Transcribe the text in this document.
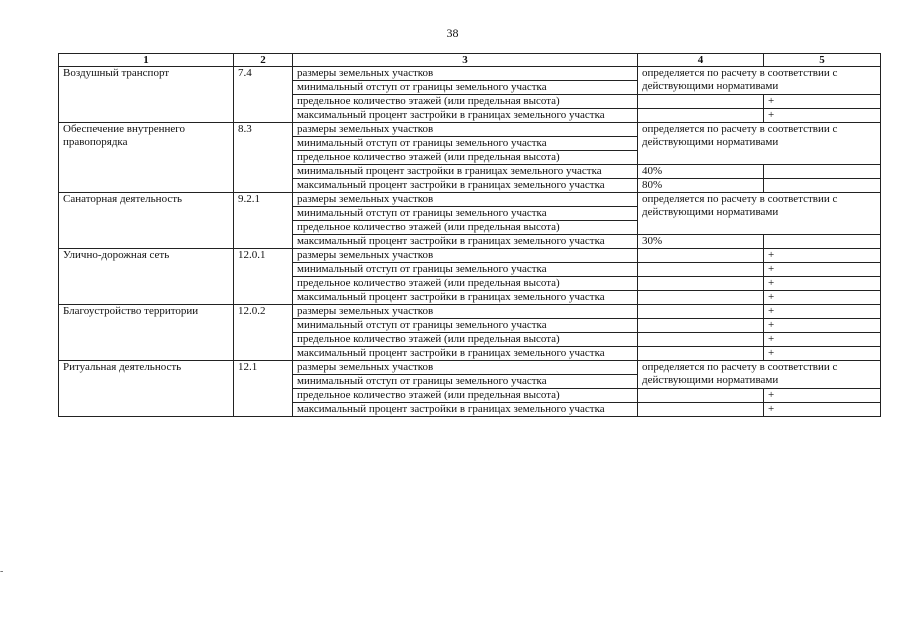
38
1	2	3	4	5
Воздушный транспорт	7.4	размеры земельных участков	определяется по расчету в соответствии с действующими нормативами	
		минимальный отступ от границы земельного участка		
		предельное количество этажей (или предельная высота)		+
		максимальный процент застройки в границах земельного участка		+
Обеспечение внутреннего правопорядка	8.3	размеры земельных участков	определяется по расчету в соответствии с действующими нормативами	
		минимальный отступ от границы земельного участка		
		предельное количество этажей (или предельная высота)		
		минимальный процент застройки в границах земельного участка	40%	
		максимальный процент застройки в границах земельного участка	80%	
Санаторная деятельность	9.2.1	размеры земельных участков	определяется по расчету в соответствии с действующими нормативами	
		минимальный отступ от границы земельного участка		
		предельное количество этажей (или предельная высота)		
		максимальный процент застройки в границах земельного участка	30%	
Улично-дорожная сеть	12.0.1	размеры земельных участков		+
		минимальный отступ от границы земельного участка		+
		предельное количество этажей (или предельная высота)		+
		максимальный процент застройки в границах земельного участка		+
Благоустройство территории	12.0.2	размеры земельных участков		+
		минимальный отступ от границы земельного участка		+
		предельное количество этажей (или предельная высота)		+
		максимальный процент застройки в границах земельного участка		+
Ритуальная деятельность	12.1	размеры земельных участков	определяется по расчету в соответствии с действующими нормативами	
		минимальный отступ от границы земельного участка		
		предельное количество этажей (или предельная высота)		+
		максимальный процент застройки в границах земельного участка		+
-
